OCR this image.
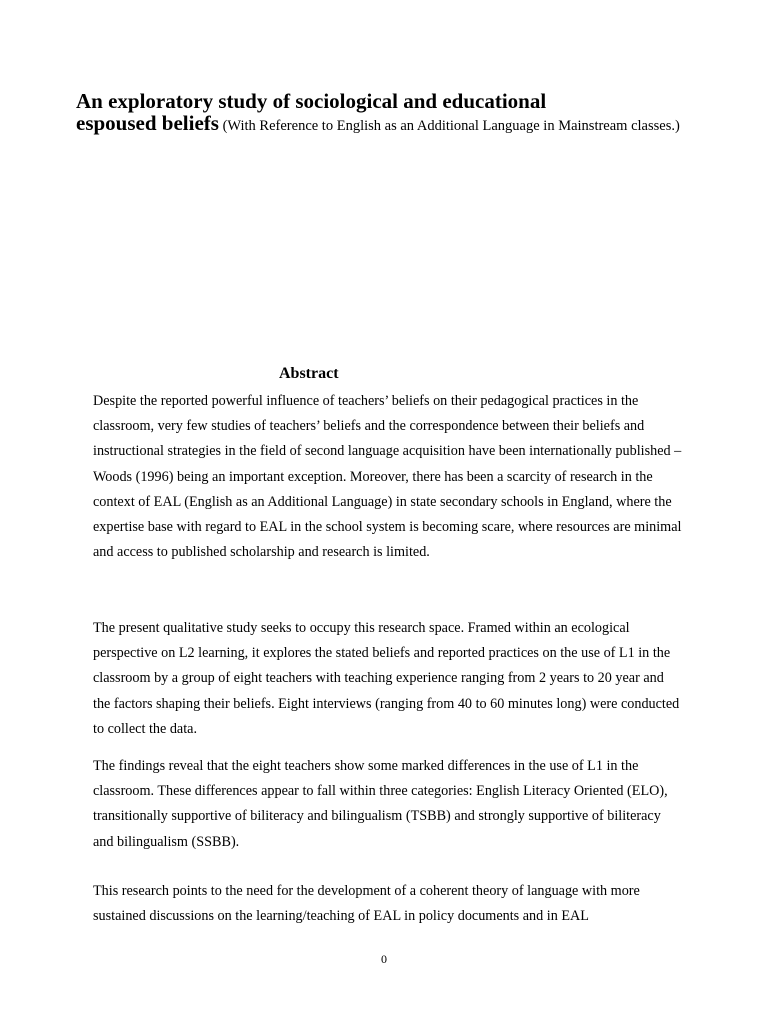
An exploratory study of sociological and educational
espoused beliefs (With Reference to English as an Additional Language in Mainstream classes.)
Abstract

Despite the reported powerful influence of teachers’ beliefs on their pedagogical practices in the classroom, very few studies of teachers’ beliefs and the correspondence between their beliefs and instructional strategies in the field of second language acquisition have been internationally published – Woods (1996) being an important exception. Moreover, there has been a scarcity of research in the context of EAL (English as an Additional Language) in state secondary schools in England, where the expertise base with regard to EAL in the school system is becoming scare, where resources are minimal and access to published scholarship and research is limited.

The present qualitative study seeks to occupy this research space. Framed within an ecological perspective on L2 learning, it explores the stated beliefs and reported practices on the use of L1 in the classroom by a group of eight teachers with teaching experience ranging from 2 years to 20 year and the factors shaping their beliefs. Eight interviews (ranging from 40 to 60 minutes long) were conducted to collect the data.

The findings reveal that the eight teachers show some marked differences in the use of L1 in the classroom. These differences appear to fall within three categories: English Literacy Oriented (ELO), transitionally supportive of biliteracy and bilingualism (TSBB) and strongly supportive of biliteracy and bilingualism (SSBB).

This research points to the need for the development of a coherent theory of language with more sustained discussions on the learning/teaching of EAL in policy documents and in EAL

0
